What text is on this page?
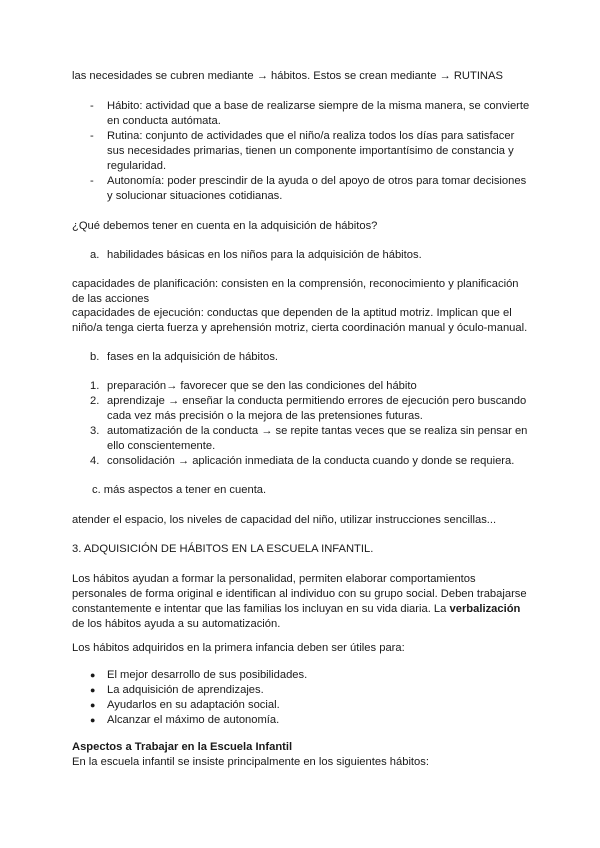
las necesidades se cubren mediante → hábitos. Estos se crean mediante → RUTINAS

- Hábito: actividad que a base de realizarse siempre de la misma manera, se convierte en conducta autómata.
- Rutina: conjunto de actividades que el niño/a realiza todos los días para satisfacer sus necesidades primarias, tienen un componente importantísimo de constancia y regularidad.
- Autonomía: poder prescindir de la ayuda o del apoyo de otros para tomar decisiones y solucionar situaciones cotidianas.

¿Qué debemos tener en cuenta en la adquisición de hábitos?

a. habilidades básicas en los niños para la adquisición de hábitos.

capacidades de planificación: consisten en la comprensión, reconocimiento y planificación de las acciones

capacidades de ejecución: conductas que dependen de la aptitud motriz. Implican que el niño/a tenga cierta fuerza y aprehensión motriz, cierta coordinación manual y óculo-manual.

b. fases en la adquisición de hábitos.
1. preparación→ favorecer que se den las condiciones del hábito
2. aprendizaje → enseñar la conducta permitiendo errores de ejecución pero buscando cada vez más precisión o la mejora de las pretensiones futuras.
3. automatización de la conducta → se repite tantas veces que se realiza sin pensar en ello conscientemente.
4. consolidación → aplicación inmediata de la conducta cuando y donde se requiera.

c. más aspectos a tener en cuenta.

atender el espacio, los niveles de capacidad del niño, utilizar instrucciones sencillas...

3. ADQUISICIÓN DE HÁBITOS EN LA ESCUELA INFANTIL.

Los hábitos ayudan a formar la personalidad, permiten elaborar comportamientos personales de forma original e identifican al individuo con su grupo social. Deben trabajarse constantemente e intentar que las familias los incluyan en su vida diaria. La verbalización de los hábitos ayuda a su automatización.

Los hábitos adquiridos en la primera infancia deben ser útiles para:

● El mejor desarrollo de sus posibilidades.
● La adquisición de aprendizajes.
● Ayudarlos en su adaptación social.
● Alcanzar el máximo de autonomía.

Aspectos a Trabajar en la Escuela Infantil

En la escuela infantil se insiste principalmente en los siguientes hábitos:
